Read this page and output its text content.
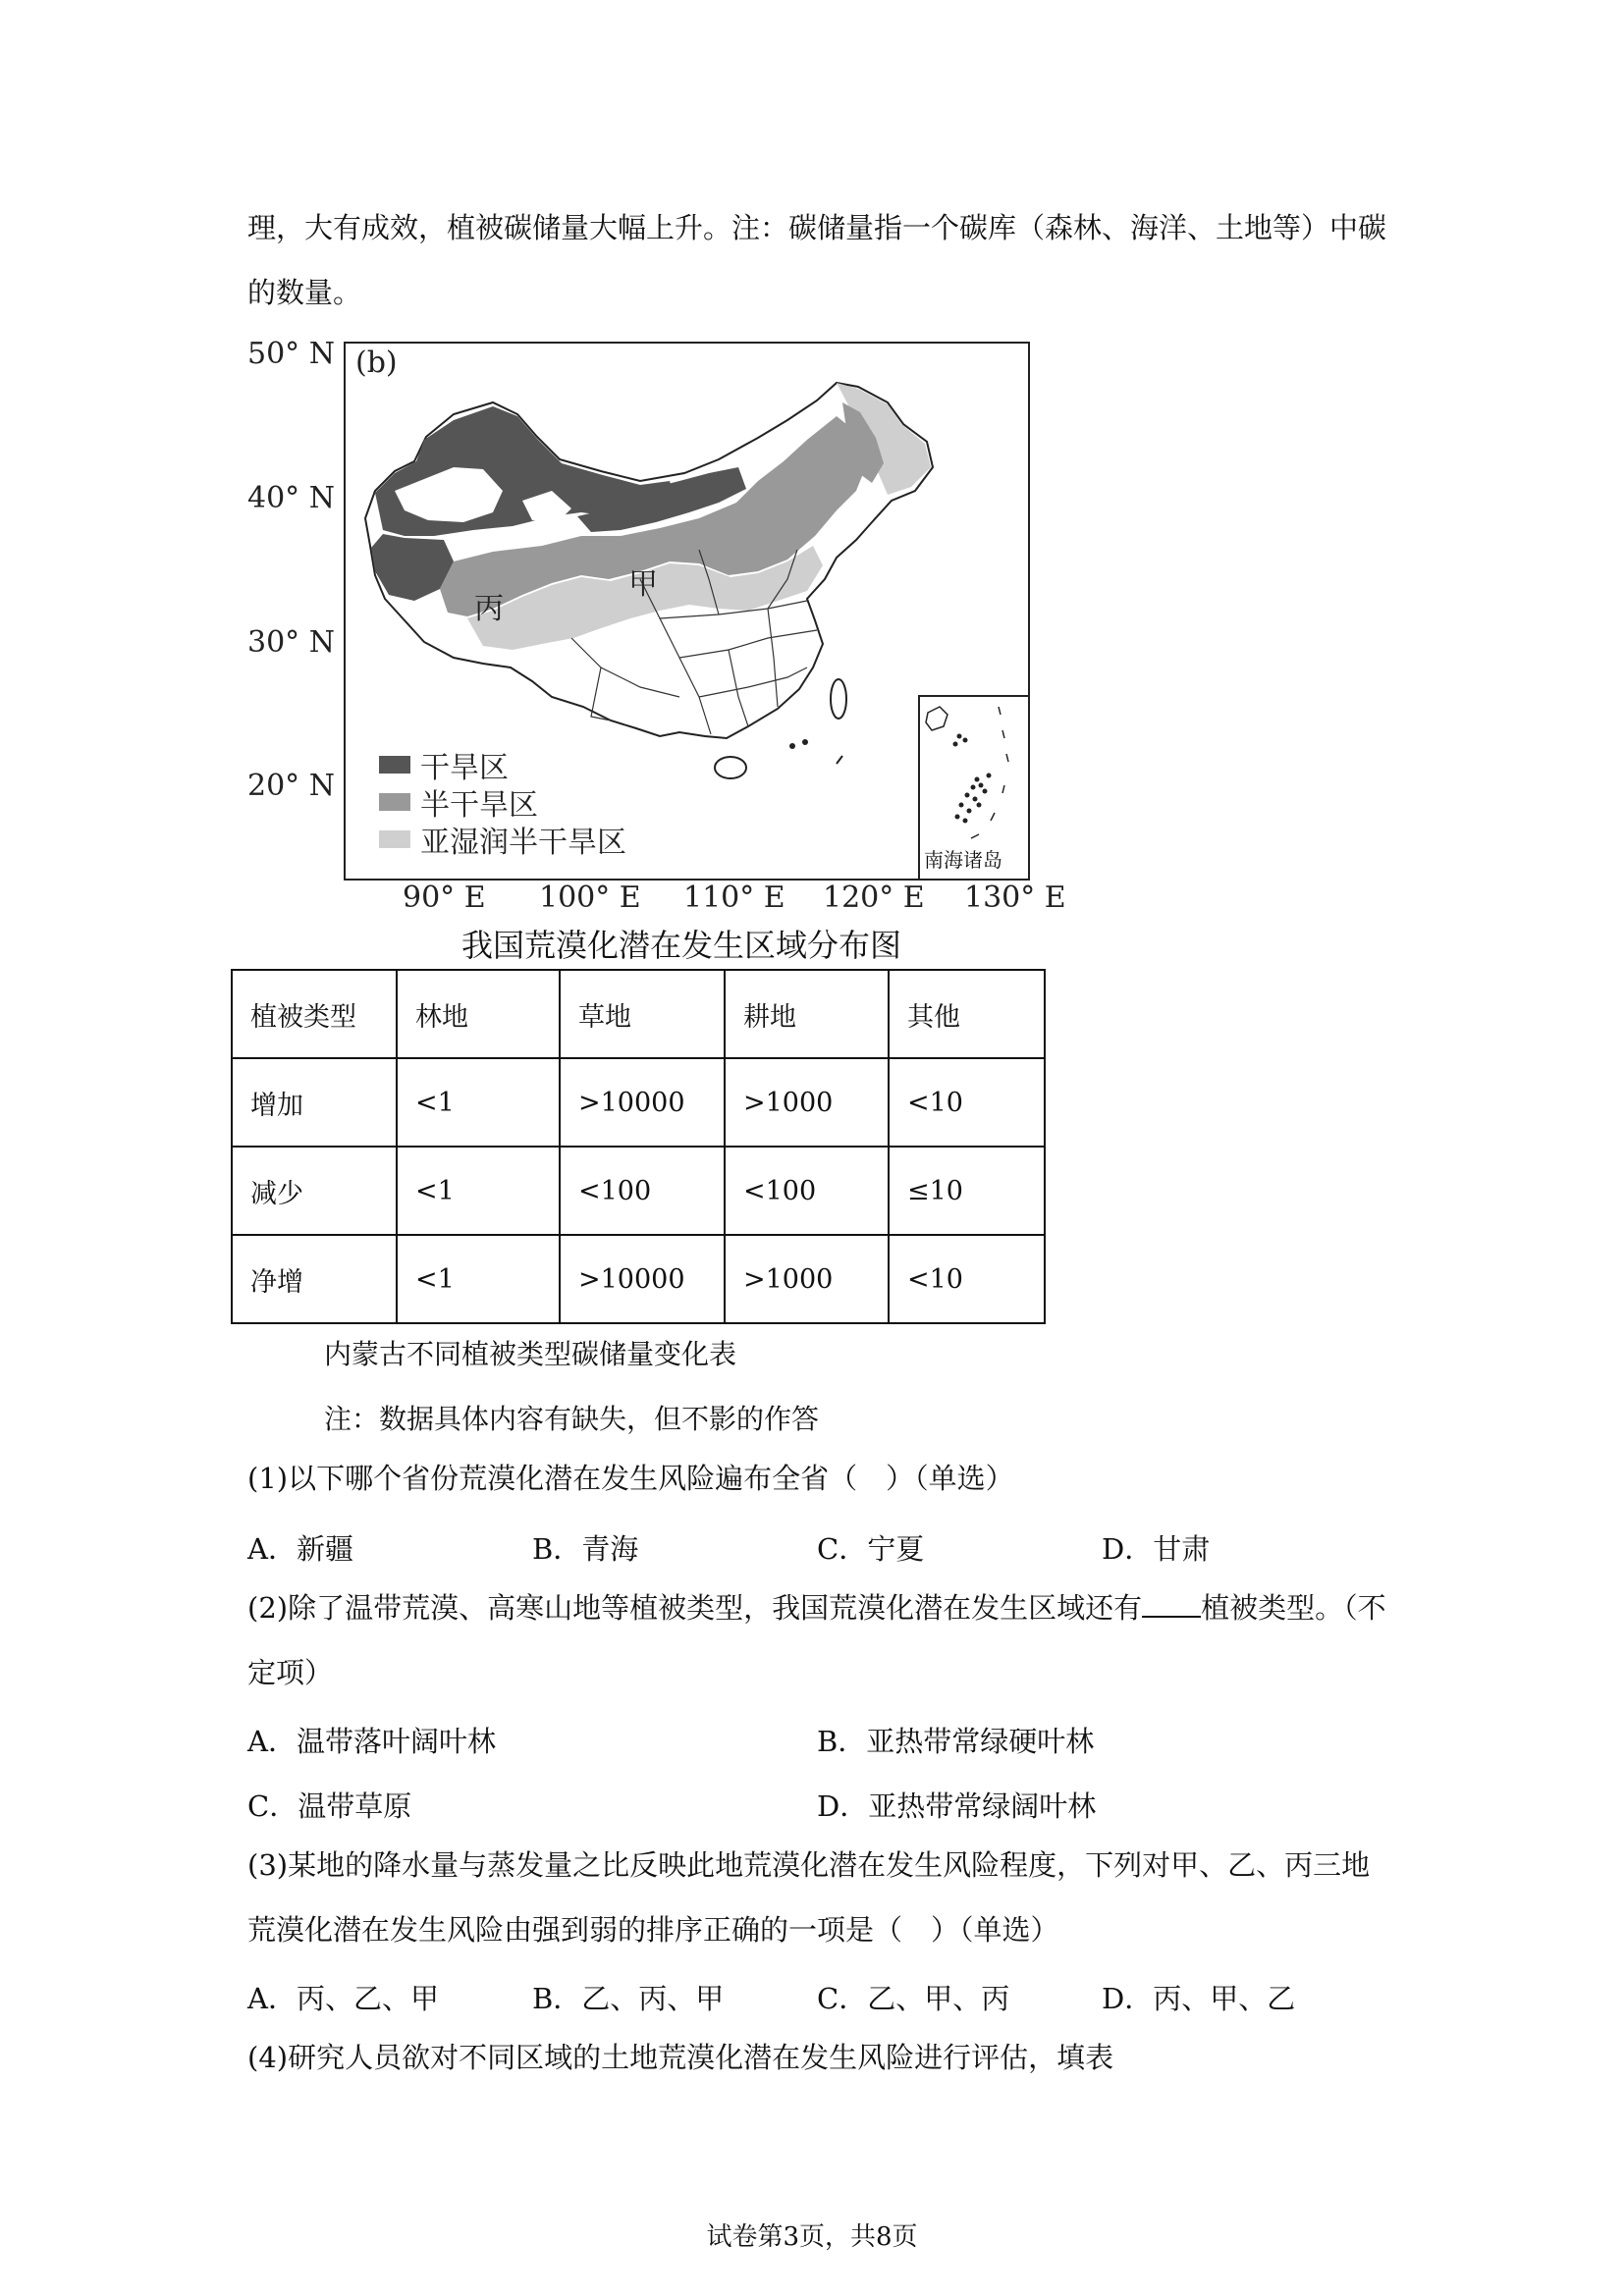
理，大有成效，植被碳储量大幅上升。注：碳储量指一个碳库（森林、海洋、土地等）中碳
的数量。
50° N
40° N
30° N
20° N
90° E 100° E 110° E 120° E 130° E
(b)
甲
丙
干旱区
半干旱区
亚湿润半干旱区	南海诸岛
我国荒漠化潜在发生区域分布图
植被类型	林地	草地	耕地	其他
增加	<1	>10000	>1000	<10
减少	<1	<100	<100	≤10
净增	<1	>10000	>1000	<10
内蒙古不同植被类型碳储量变化表
注：数据具体内容有缺失，但不影的作答
(1)以下哪个省份荒漠化潜在发生风险遍布全省（　）（单选）
A．新疆	B．青海	C．宁夏	D．甘肃
(2)除了温带荒漠、高寒山地等植被类型，我国荒漠化潜在发生区域还有 植被类型。（不
定项）
A．温带落叶阔叶林	B．亚热带常绿硬叶林
C．温带草原	D．亚热带常绿阔叶林
(3)某地的降水量与蒸发量之比反映此地荒漠化潜在发生风险程度，下列对甲、乙、丙三地
荒漠化潜在发生风险由强到弱的排序正确的一项是（　）（单选）
A．丙、乙、甲	B．乙、丙、甲	C．乙、甲、丙	D．丙、甲、乙
(4)研究人员欲对不同区域的土地荒漠化潜在发生风险进行评估，填表
试卷第3页，共8页
